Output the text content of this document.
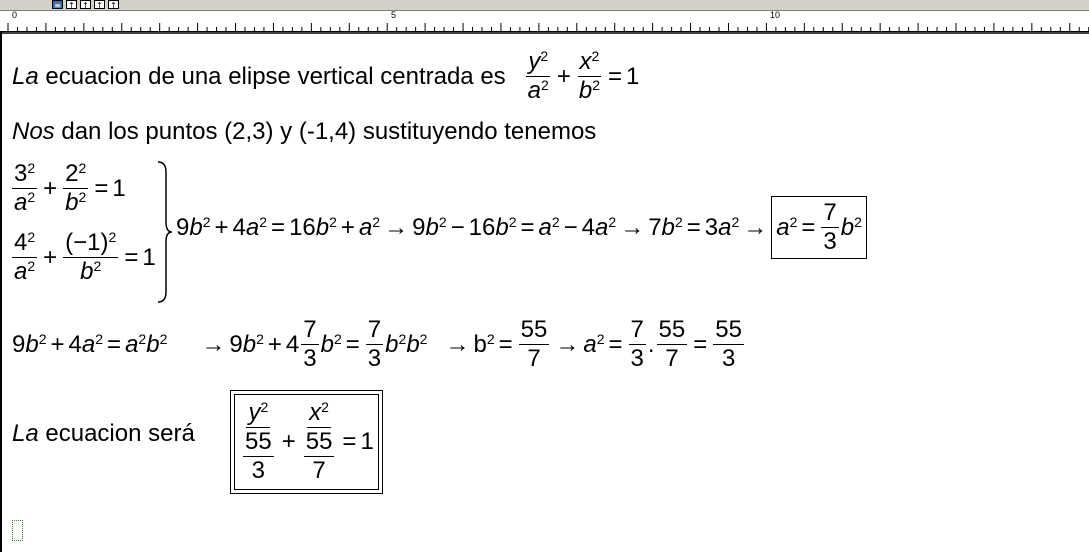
≡ ↑ ↑ ↑ ↑
0	5	10
La
ecuacion de una elipse vertical centrada es $\frac{y^2}{a^2} + \frac{x^2}{b^2} = 1$
Nos
dan los puntos (2,3) y (-1,4) sustituyendo tenemos
$\frac{3^2}{a^2} + \frac{2^2}{b^2} = 1$
$\frac{4^2}{a^2} + \frac{(-1)^2}{b^2} = 1$
9 $b^2 + 4$ $a^2 = 16$ $b^2 + a^2 \to 9$ $b^2 - 16$ $b^2 = a^2 - 4$ $a^2 \to 7$ $b^2 = 3$ $a^2 \to a^2 = \frac{7}{3} b^2$
9 $b^2 + 4$ $a^2 = a^2$ $b^2 \to 9$ $b^2 + 4 \frac{7}{3} b^2 = \frac{7}{3} b^2$ $b^2 \to b^2 = \frac{55}{7} \to a^2 = \frac{7}{3}$ . $\frac{55}{7} = \frac{55}{3}$
La
ecuacion será $\frac{y^2}{\frac{55}{3}} + \frac{x^2}{\frac{55}{7}} = 1$
